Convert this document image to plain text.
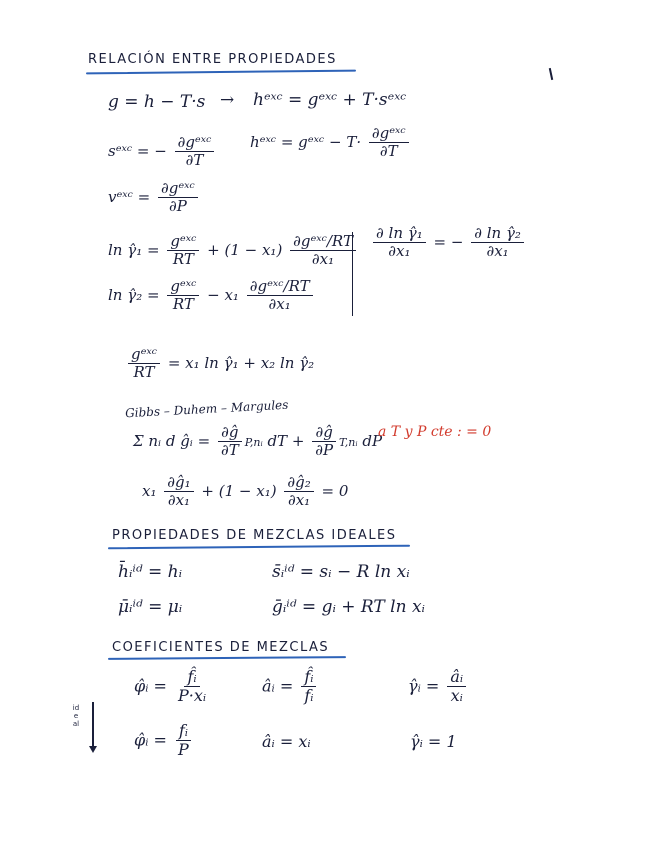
RELACIÓN ENTRE PROPIEDADES
g = h − T·s → hᵉˣᶜ = gᵉˣᶜ + T·sᵉˣᶜ
sᵉˣᶜ = − $\frac{\text{∂gᵉˣᶜ}}{\partial T}$ hᵉˣᶜ = gᵉˣᶜ − $T\cdot \frac{\text{∂gᵉˣᶜ}}{\partial T}$
vᵉˣᶜ = $\frac{\text{∂gᵉˣᶜ}}{\partial P}$
ln γ̂₁ = $\frac{\text{gᵉˣᶜ}}{RT} + (1 - x_1) \frac{\text{∂gᵉˣᶜ/RT}}{\text{∂x₁}}$
ln γ̂₂ = $\frac{\text{gᵉˣᶜ}}{RT} - x_1 \frac{\text{∂gᵉˣᶜ/RT}}{\text{∂x₁}}$
$\frac{\text{∂ ln γ̂₁}}{\text{∂x₁}}$ = − $\frac{\text{∂ ln γ̂₂}}{\text{∂x₁}}$
$\frac{\text{gᵉˣᶜ}}{RT} = x_1$ ln γ̂₁ + x₂ ln γ̂₂
Gibbs – Duhem – Margules
Σ nᵢ d ĝᵢ = $\frac{\partial ĝ}{\partial T}$ P,nᵢ dT + $\frac{\partial ĝ}{\partial P}$ T,nᵢ dP
a T y P cte : = 0
$x_1 \frac{\text{∂ĝ₁}}{\text{∂x₁}} + (1 - x_1) \frac{\text{∂ĝ₂}}{\text{∂x₁}} = 0$
PROPIEDADES DE MEZCLAS IDEALES
h̄ᵢⁱᵈ = hᵢ	s̄ᵢⁱᵈ = sᵢ − R ln xᵢ
μ̄ᵢⁱᵈ = μᵢ	ḡᵢⁱᵈ = gᵢ + RT ln xᵢ
COEFICIENTES DE MEZCLAS
φ̂ᵢ = $\frac{\text{f̂ᵢ}}{\text{P·xᵢ}}$	âᵢ = $\frac{\text{f̂ᵢ}}{\text{fᵢ}}$	γ̂ᵢ = $\frac{\text{âᵢ}}{\text{xᵢ}}$
ideal
φ̂ᵢ = $\frac{\text{fᵢ}}{P}$	âᵢ = xᵢ	γ̂ᵢ = 1
